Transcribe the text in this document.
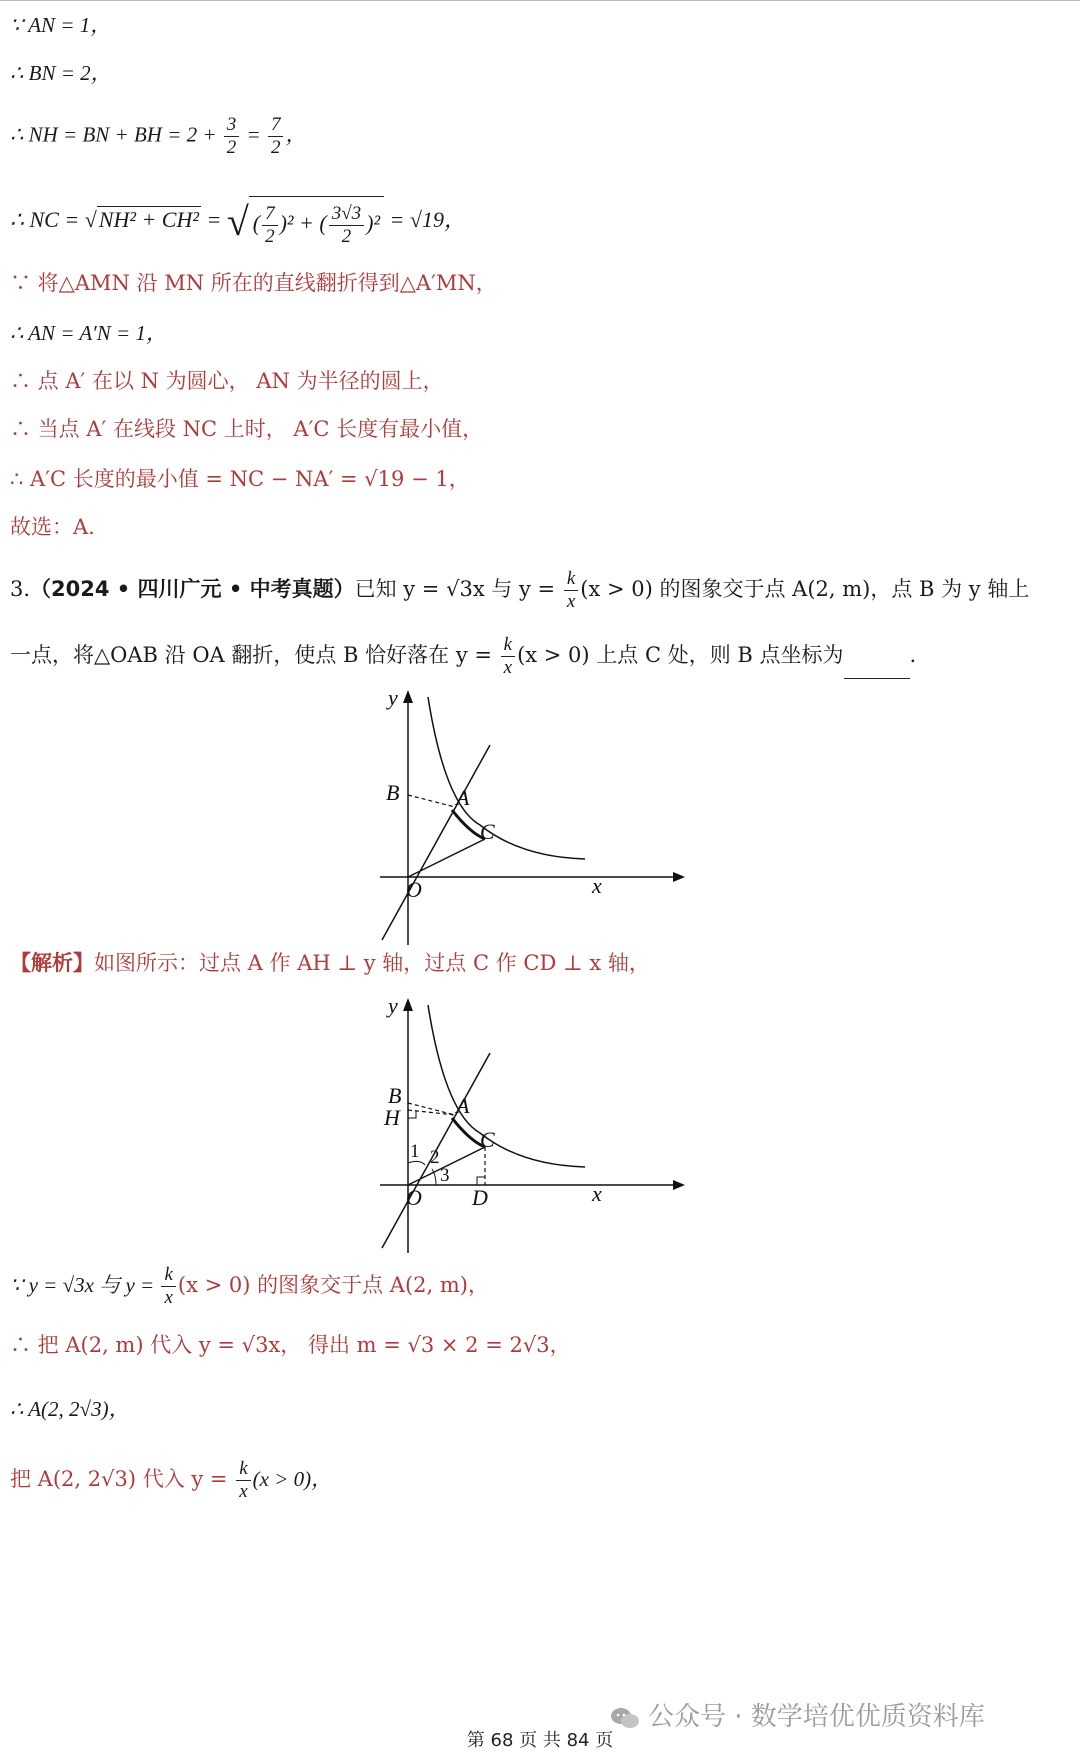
∵ AN = 1，
∴ BN = 2，
∴ NH = BN + BH = $2 + \frac{3}{2} = \frac{7}{2}$ ，
∴ NC = √NH² + CH² = √ ( $\frac{7}{2} )^2$ + ( $\frac{3√3}{2} )^2 = √19$，
∵ 将△AMN 沿 MN 所在的直线翻折得到△A′MN，
∴ AN = A′N = 1，
∴ 点 A′ 在以 N 为圆心， AN 为半径的圆上，
∴ 当点 A′ 在线段 NC 上时， A′C 长度有最小值，
∴ A′C 长度的最小值 = NC − NA′ = √19 − 1，
故选：A.
3.（2024 • 四川广元 • 中考真题）已知 y = √3x 与 $y = \frac{k}{x} (x > 0)$ 的图象交于点 A(2, m)，点 B 为 y 轴上
一点，将△OAB 沿 OA 翻折，使点 B 恰好落在 $y = \frac{k}{x} (x > 0)$ 上点 C 处，则 B 点坐标为	.
y
x
O
A
B
C
【解析】如图所示：过点 A 作 AH ⊥ y 轴，过点 C 作 CD ⊥ x 轴，
y
x
O
A
B
H
C
D
1 2
3
∵ y = √3x 与 $y = \frac{k}{x} (x > 0)$ 的图象交于点 A(2, m)，
∴ 把 A(2, m) 代入 y = √3x， 得出 m = √3 × 2 = 2√3，
∴ A(2, 2√3)，
把 A(2, 2√3) 代入 $y = \frac{k}{x} (x > 0)$，
公众号 · 数学培优优质资料库
第 68 页 共 84 页
